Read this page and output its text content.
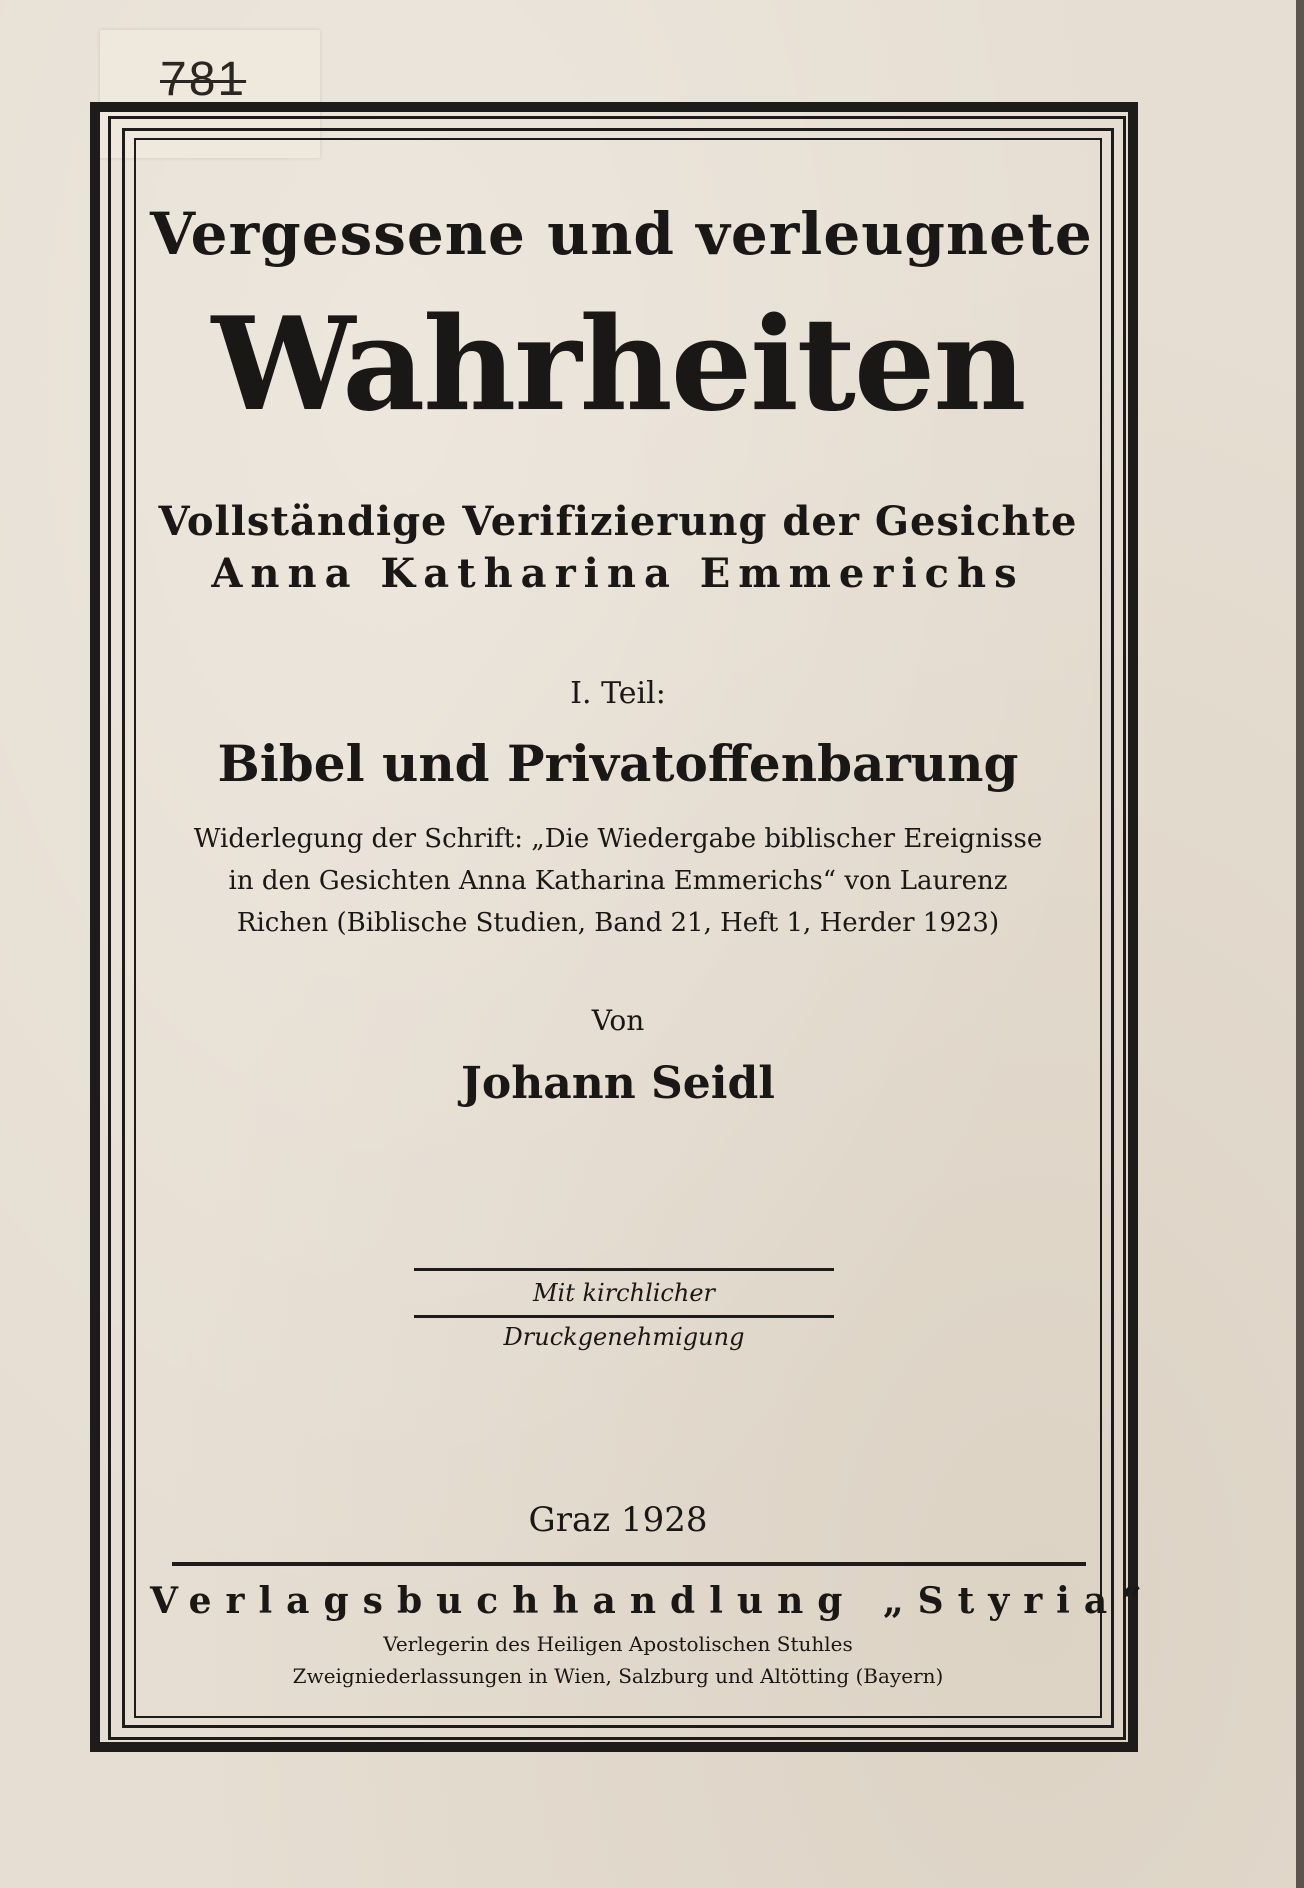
781
Vergessene und verleugnete
Wahrheiten
Vollständige Verifizierung der Gesichte
Anna Katharina Emmerichs
I. Teil:
Bibel und Privatoffenbarung
Widerlegung der Schrift: „Die Wiedergabe biblischer Ereignisse
in den Gesichten Anna Katharina Emmerichs“ von Laurenz
Richen (Biblische Studien, Band 21, Heft 1, Herder 1923)
Von
Johann Seidl
Mit kirchlicher Druckgenehmigung
Graz 1928
Verlagsbuchhandlung „Styria“
Verlegerin des Heiligen Apostolischen Stuhles
Zweigniederlassungen in Wien, Salzburg und Altötting (Bayern)
